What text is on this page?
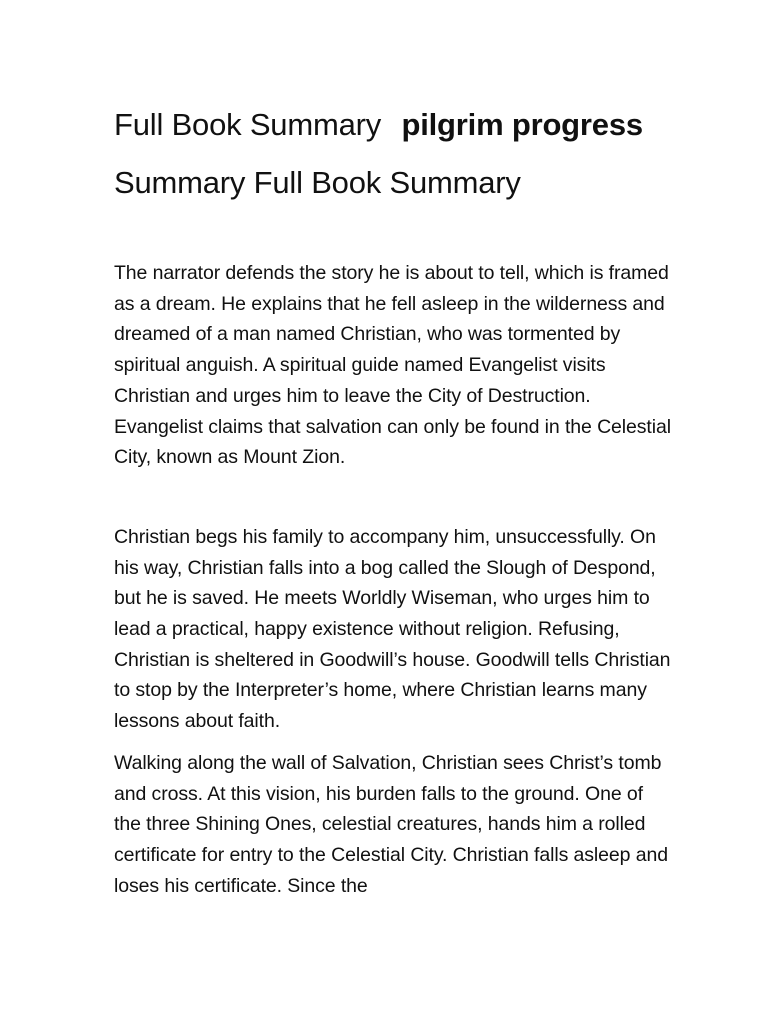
Full Book Summary pilgrim progress
Summary Full Book Summary

The narrator defends the story he is about to tell, which is framed as a dream. He explains that he fell asleep in the wilderness and dreamed of a man named Christian, who was tormented by spiritual anguish. A spiritual guide named Evangelist visits Christian and urges him to leave the City of Destruction. Evangelist claims that salvation can only be found in the Celestial City, known as Mount Zion.

Christian begs his family to accompany him, unsuccessfully. On his way, Christian falls into a bog called the Slough of Despond, but he is saved. He meets Worldly Wiseman, who urges him to lead a practical, happy existence without religion. Refusing, Christian is sheltered in Goodwill’s house. Goodwill tells Christian to stop by the Interpreter’s home, where Christian learns many lessons about faith.

Walking along the wall of Salvation, Christian sees Christ’s tomb and cross. At this vision, his burden falls to the ground. One of the three Shining Ones, celestial creatures, hands him a rolled certificate for entry to the Celestial City. Christian falls asleep and loses his certificate. Since the
